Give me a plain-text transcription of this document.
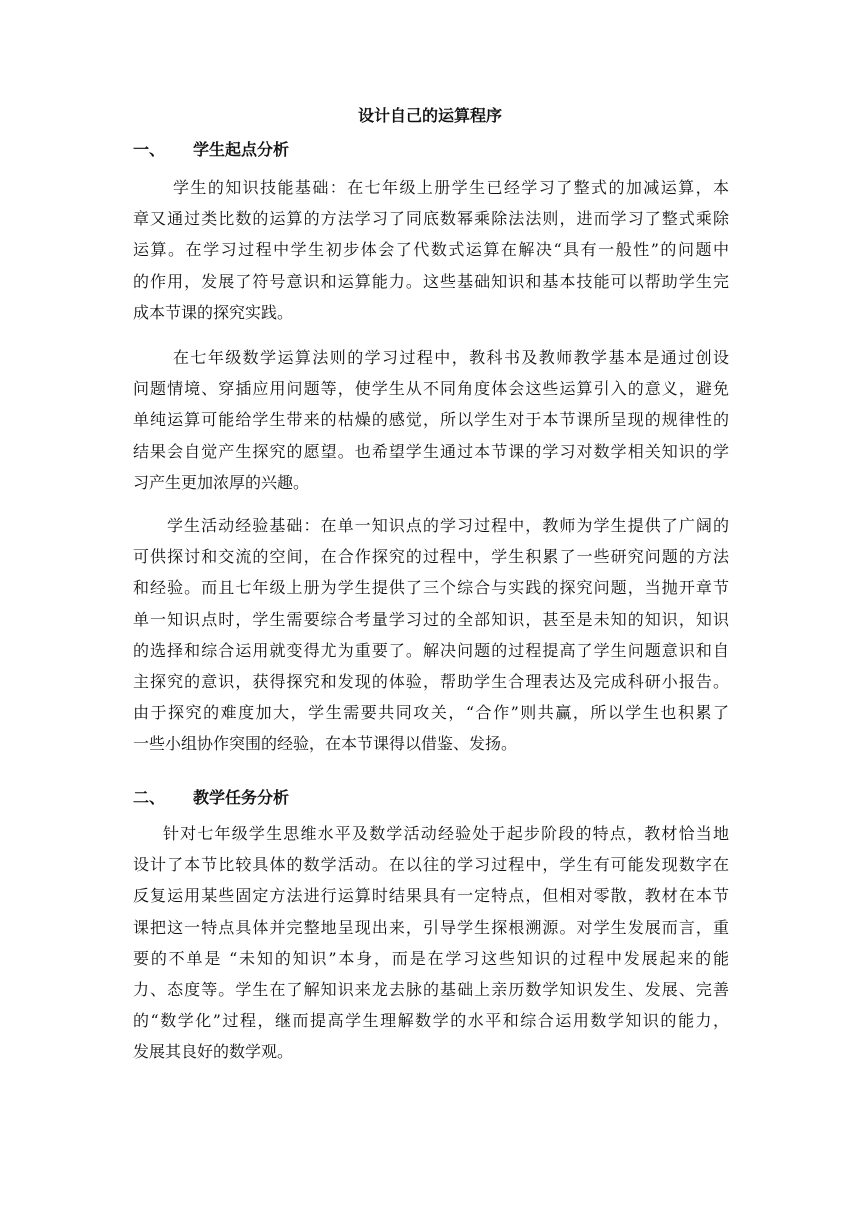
设计自己的运算程序
一、 学生起点分析
学生的知识技能基础：在七年级上册学生已经学习了整式的加减运算，本
章又通过类比数的运算的方法学习了同底数幂乘除法法则，进而学习了整式乘除
运算。在学习过程中学生初步体会了代数式运算在解决“具有一般性”的问题中
的作用，发展了符号意识和运算能力。这些基础知识和基本技能可以帮助学生完
成本节课的探究实践。
在七年级数学运算法则的学习过程中，教科书及教师教学基本是通过创设
问题情境、穿插应用问题等，使学生从不同角度体会这些运算引入的意义，避免
单纯运算可能给学生带来的枯燥的感觉，所以学生对于本节课所呈现的规律性的
结果会自觉产生探究的愿望。也希望学生通过本节课的学习对数学相关知识的学
习产生更加浓厚的兴趣。
学生活动经验基础：在单一知识点的学习过程中，教师为学生提供了广阔的
可供探讨和交流的空间，在合作探究的过程中，学生积累了一些研究问题的方法
和经验。而且七年级上册为学生提供了三个综合与实践的探究问题，当抛开章节
单一知识点时，学生需要综合考量学习过的全部知识，甚至是未知的知识，知识
的选择和综合运用就变得尤为重要了。解决问题的过程提高了学生问题意识和自
主探究的意识，获得探究和发现的体验，帮助学生合理表达及完成科研小报告。
由于探究的难度加大，学生需要共同攻关，“合作”则共赢，所以学生也积累了
一些小组协作突围的经验，在本节课得以借鉴、发扬。
二、 教学任务分析
针对七年级学生思维水平及数学活动经验处于起步阶段的特点，教材恰当地
设计了本节比较具体的数学活动。在以往的学习过程中，学生有可能发现数字在
反复运用某些固定方法进行运算时结果具有一定特点，但相对零散，教材在本节
课把这一特点具体并完整地呈现出来，引导学生探根溯源。对学生发展而言，重
要的不单是 “未知的知识”本身，而是在学习这些知识的过程中发展起来的能
力、态度等。学生在了解知识来龙去脉的基础上亲历数学知识发生、发展、完善
的“数学化”过程，继而提高学生理解数学的水平和综合运用数学知识的能力，
发展其良好的数学观。
